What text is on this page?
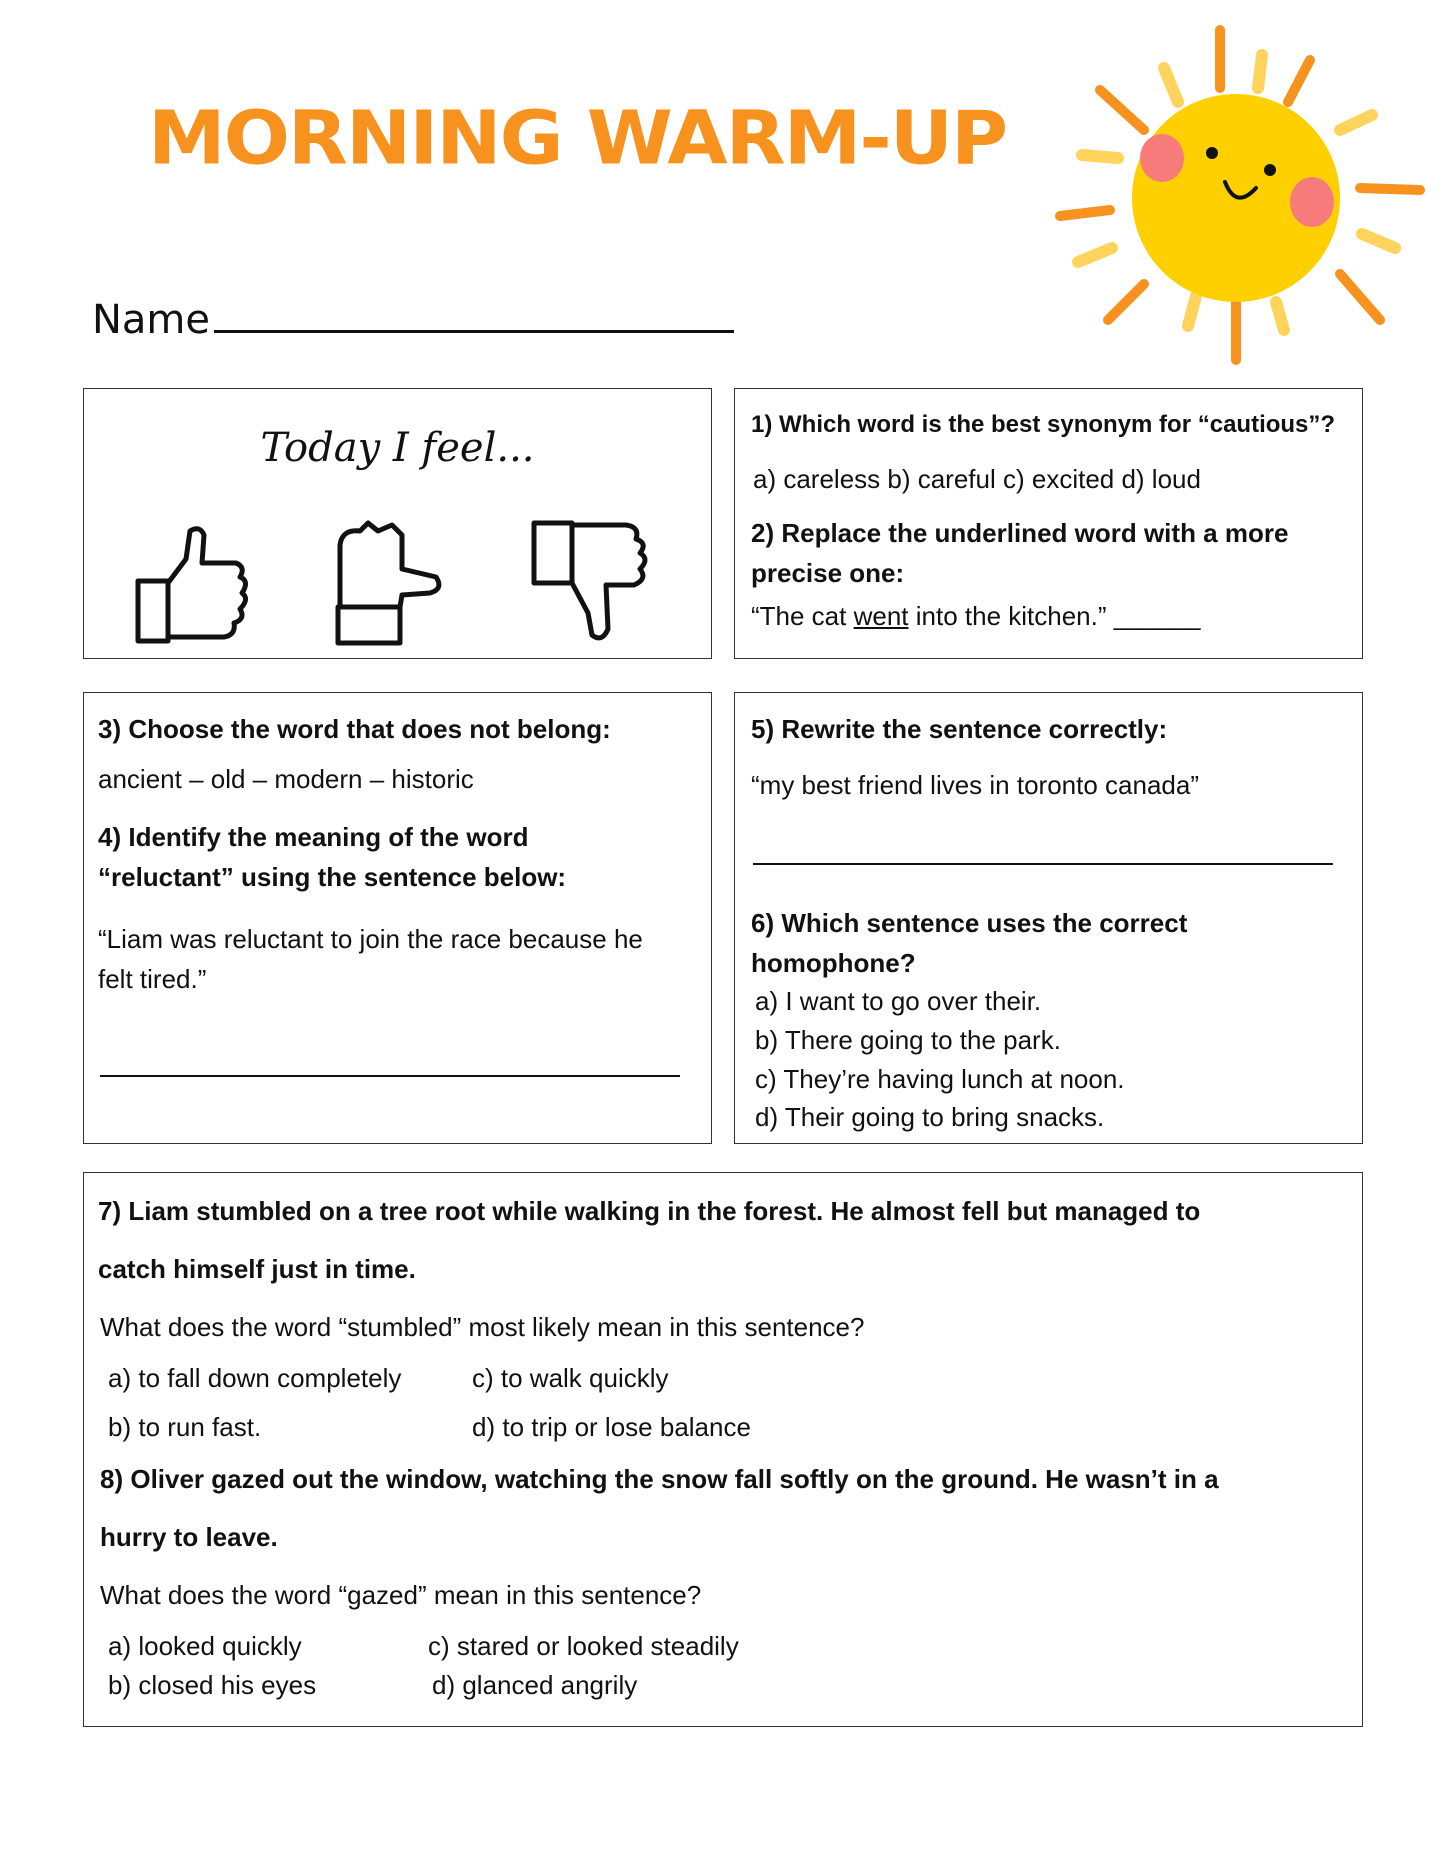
MORNING WARM-UP
Name
Today I feel...
1) Which word is the best synonym for “cautious”?
a) careless b) careful c) excited d) loud
2) Replace the underlined word with a more
precise one:
“The cat went into the kitchen.” ______
3) Choose the word that does not belong:
ancient – old – modern – historic
4) Identify the meaning of the word
“reluctant” using the sentence below:
“Liam was reluctant to join the race because he
felt tired.”
5) Rewrite the sentence correctly:
“my best friend lives in toronto canada”
6) Which sentence uses the correct
homophone?
a) I want to go over their.
b) There going to the park.
c) They’re having lunch at noon.
d) Their going to bring snacks.
7) Liam stumbled on a tree root while walking in the forest. He almost fell but managed to
catch himself just in time.
What does the word “stumbled” most likely mean in this sentence?
a) to fall down completely	c) to walk quickly
b) to run fast.	d) to trip or lose balance
8) Oliver gazed out the window, watching the snow fall softly on the ground. He wasn’t in a
hurry to leave.
What does the word “gazed” mean in this sentence?
a) looked quickly	c) stared or looked steadily
b) closed his eyes	d) glanced angrily
